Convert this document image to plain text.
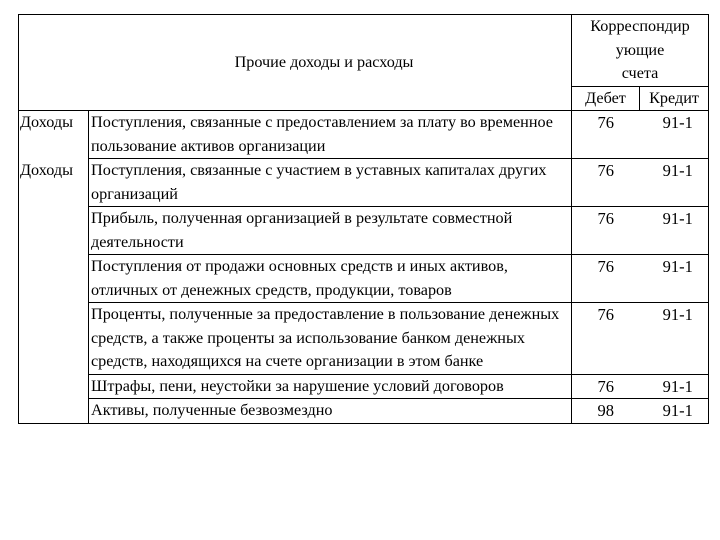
Прочие доходы и расходы		Корреспондир
ующие
счета	
		Дебет	Кредит
Доходы	Поступления, связанные с предоставлением за плату во временное пользование активов организации	76	91-1
Доходы	Поступления, связанные с участием в уставных капиталах других организаций	76	91-1
	Прибыль, полученная организацией в результате совместной деятельности	76	91-1
	Поступления от продажи основных средств и иных активов, отличных от денежных средств, продукции, товаров	76	91-1
	Проценты, полученные за предоставление в пользование денежных средств, а также проценты за использование банком денежных средств, находящихся на счете организации в этом банке	76	91-1
	Штрафы, пени, неустойки за нарушение условий договоров	76	91-1
	Активы, полученные безвозмездно	98	91-1
